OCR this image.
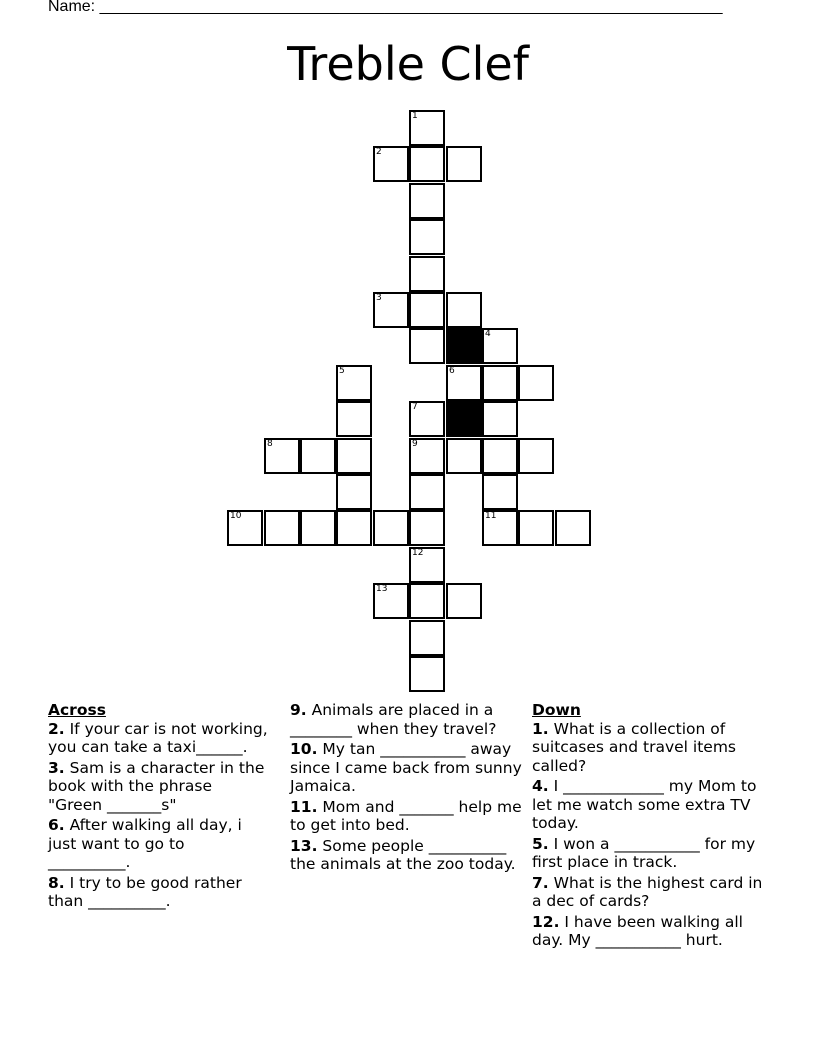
Name: ______________________________________________________________________
Treble Clef
1
2
3
4
5	6
7
8	9
10	11
12
13
Across
2. If your car is not working, you can take a taxi______.
3. Sam is a character in the book with the phrase "Green _______s"
6. After walking all day, i just want to go to __________.
8. I try to be good rather than __________.
9. Animals are placed in a ________ when they travel?
10. My tan ___________ away since I came back from sunny Jamaica.
11. Mom and _______ help me to get into bed.
13. Some people __________ the animals at the zoo today.
Down
1. What is a collection of suitcases and travel items called?
4. I _____________ my Mom to let me watch some extra TV today.
5. I won a ___________ for my first place in track.
7. What is the highest card in a dec of cards?
12. I have been walking all day. My ___________ hurt.
